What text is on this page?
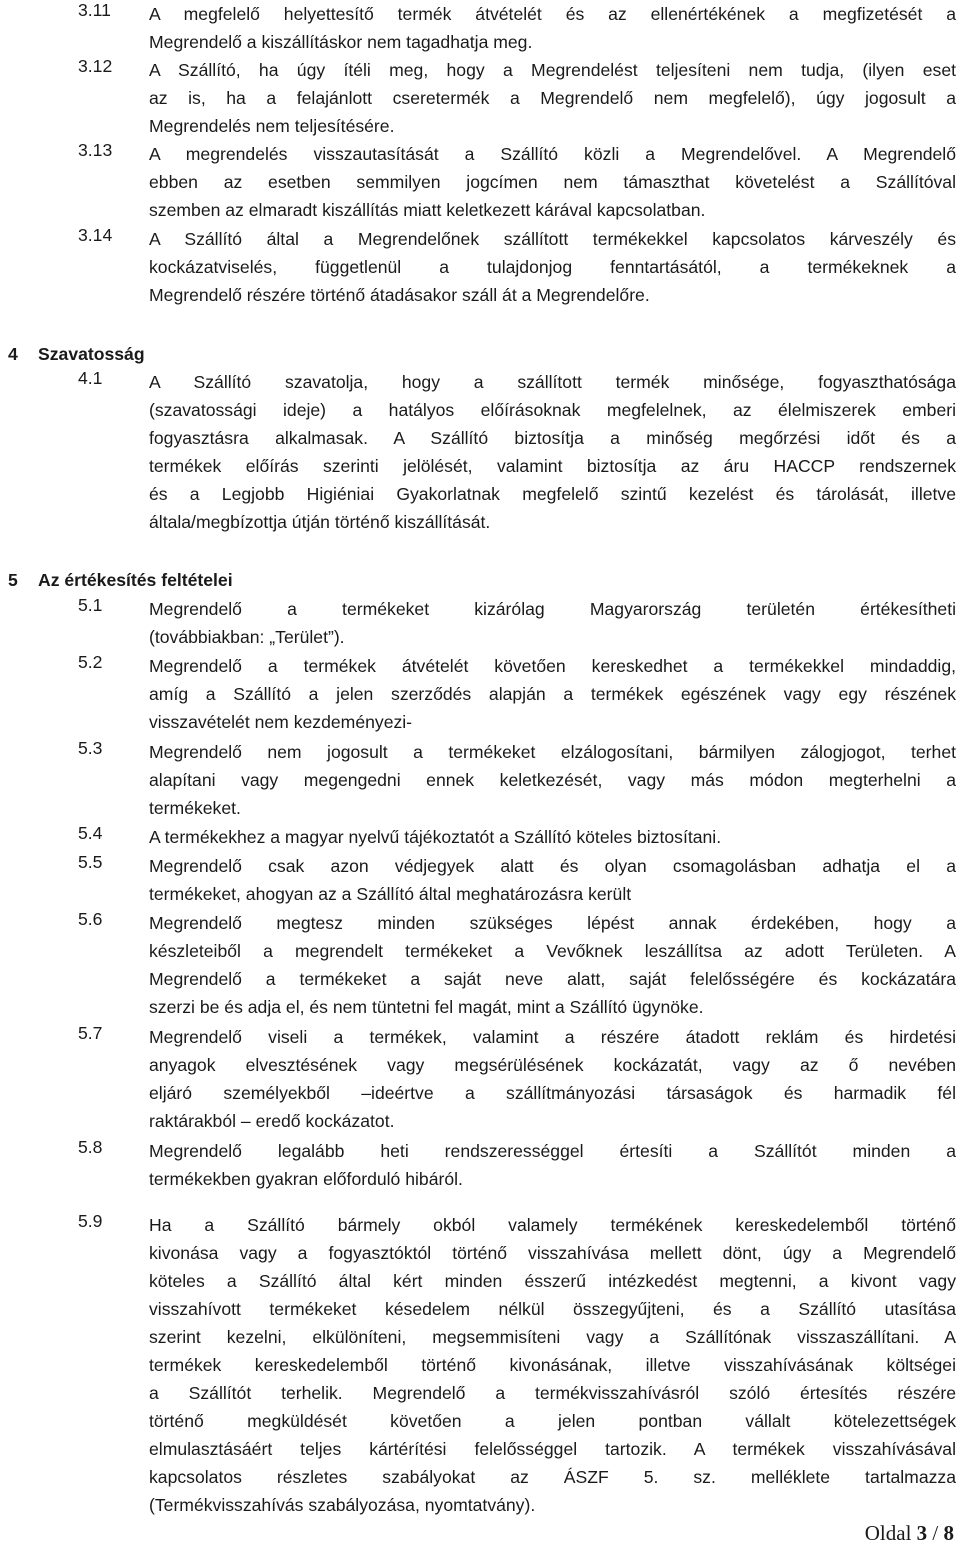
3.11 A megfelelő helyettesítő termék átvételét és az ellenértékének a megfizetését a
Megrendelő a kiszállításkor nem tagadhatja meg.
3.12 A Szállító, ha úgy ítéli meg, hogy a Megrendelést teljesíteni nem tudja, (ilyen eset
az is, ha a felajánlott cseretermék a Megrendelő nem megfelelő), úgy jogosult a
Megrendelés nem teljesítésére.
3.13 A megrendelés visszautasítását a Szállító közli a Megrendelővel. A Megrendelő
ebben az esetben semmilyen jogcímen nem támaszthat követelést a Szállítóval
szemben az elmaradt kiszállítás miatt keletkezett kárával kapcsolatban.
3.14 A Szállító által a Megrendelőnek szállított termékekkel kapcsolatos kárveszély és
kockázatviselés, függetlenül a tulajdonjog fenntartásától, a termékeknek a
Megrendelő részére történő átadásakor száll át a Megrendelőre.
4 Szavatosság
4.1	A Szállító szavatolja, hogy a szállított termék minősége, fogyaszthatósága
(szavatossági ideje) a hatályos előírásoknak megfelelnek, az élelmiszerek emberi
fogyasztásra alkalmasak. A Szállító biztosítja a minőség megőrzési időt és a
termékek előírás szerinti jelölését, valamint biztosítja az áru HACCP rendszernek
és a Legjobb Higiéniai Gyakorlatnak megfelelő szintű kezelést és tárolását, illetve
általa/megbízottja útján történő kiszállítását.
5 Az értékesítés feltételei
5.1	Megrendelő a termékeket kizárólag Magyarország területén értékesítheti
(továbbiakban: „Terület”).
5.2	Megrendelő a termékek átvételét követően kereskedhet a termékekkel mindaddig,
amíg a Szállító a jelen szerződés alapján a termékek egészének vagy egy részének
visszavételét nem kezdeményezi-
5.3	Megrendelő nem jogosult a termékeket elzálogosítani, bármilyen zálogjogot, terhet
alapítani vagy megengedni ennek keletkezését, vagy más módon megterhelni a
termékeket.
5.4	A termékekhez a magyar nyelvű tájékoztatót a Szállító köteles biztosítani.
5.5	Megrendelő csak azon védjegyek alatt és olyan csomagolásban adhatja el a
termékeket, ahogyan az a Szállító által meghatározásra került
5.6	Megrendelő megtesz minden szükséges lépést annak érdekében, hogy a
készleteiből a megrendelt termékeket a Vevőknek leszállítsa az adott Területen. A
Megrendelő a termékeket a saját neve alatt, saját felelősségére és kockázatára
szerzi be és adja el, és nem tüntetni fel magát, mint a Szállító ügynöke.
5.7	Megrendelő viseli a termékek, valamint a részére átadott reklám és hirdetési
anyagok elvesztésének vagy megsérülésének kockázatát, vagy az ő nevében
eljáró személyekből –ideértve a szállítmányozási társaságok és harmadik fél
raktárakból – eredő kockázatot.
5.8	Megrendelő legalább heti rendszerességgel értesíti a Szállítót minden a
termékekben gyakran előforduló hibáról.
5.9	Ha a Szállító bármely okból valamely termékének kereskedelemből történő
kivonása vagy a fogyasztóktól történő visszahívása mellett dönt, úgy a Megrendelő
köteles a Szállító által kért minden ésszerű intézkedést megtenni, a kivont vagy
visszahívott termékeket késedelem nélkül összegyűjteni, és a Szállító utasítása
szerint kezelni, elkülöníteni, megsemmisíteni vagy a Szállítónak visszaszállítani. A
termékek kereskedelemből történő kivonásának, illetve visszahívásának költségei
a Szállítót terhelik. Megrendelő a termékvisszahívásról szóló értesítés részére
történő megküldését követően a jelen pontban vállalt kötelezettségek
elmulasztásáért teljes kártérítési felelősséggel tartozik. A termékek visszahívásával
kapcsolatos részletes szabályokat az ÁSZF 5. sz. melléklete tartalmazza
(Termékvisszahívás szabályozása, nyomtatvány).
Oldal 3 / 8
